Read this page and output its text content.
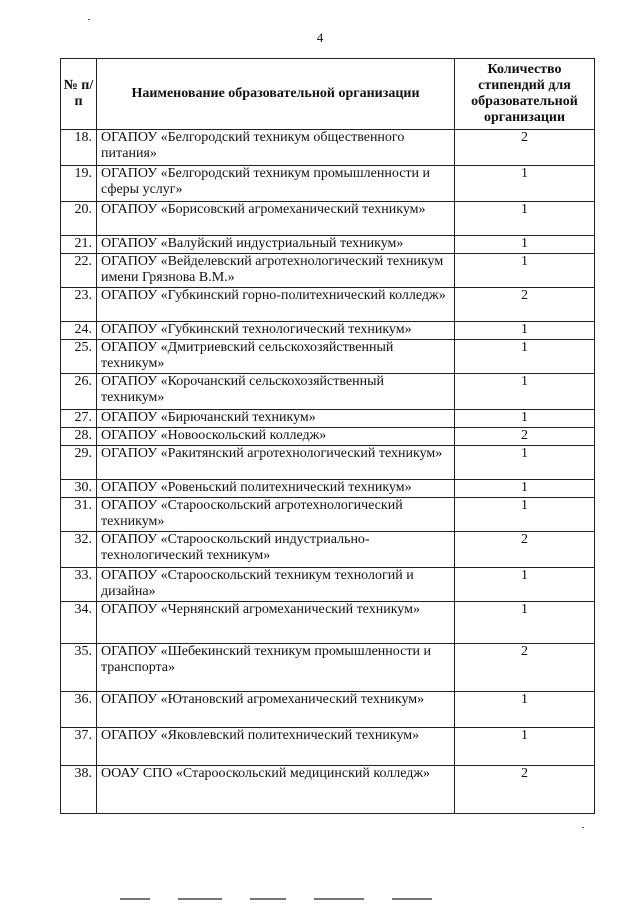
4
№ п/п	Наименование образовательной организации	Количество стипендий для образовательной организации
18.	ОГАПОУ «Белгородский техникум общественного питания»	2
19.	ОГАПОУ «Белгородский техникум промышленности и сферы услуг»	1
20.	ОГАПОУ «Борисовский агромеханический техникум»	1
21.	ОГАПОУ «Валуйский индустриальный техникум»	1
22.	ОГАПОУ «Вейделевский агротехнологический техникум имени Грязнова В.М.»	1
23.	ОГАПОУ «Губкинский горно-политехнический колледж»	2
24.	ОГАПОУ «Губкинский технологический техникум»	1
25.	ОГАПОУ «Дмитриевский сельскохозяйственный техникум»	1
26.	ОГАПОУ «Корочанский сельскохозяйственный техникум»	1
27.	ОГАПОУ «Бирючанский техникум»	1
28.	ОГАПОУ «Новооскольский колледж»	2
29.	ОГАПОУ «Ракитянский агротехнологический техникум»	1
30.	ОГАПОУ «Ровеньский политехнический техникум»	1
31.	ОГАПОУ «Старооскольский агротехнологический техникум»	1
32.	ОГАПОУ «Старооскольский индустриально-технологический техникум»	2
33.	ОГАПОУ «Старооскольский техникум технологий и дизайна»	1
34.	ОГАПОУ «Чернянский агромеханический техникум»	1
35.	ОГАПОУ «Шебекинский техникум промышленности и транспорта»	2
36.	ОГАПОУ «Ютановский агромеханический техникум»	1
37.	ОГАПОУ «Яковлевский политехнический техникум»	1
38.	ООАУ СПО «Старооскольский медицинский колледж»	2
